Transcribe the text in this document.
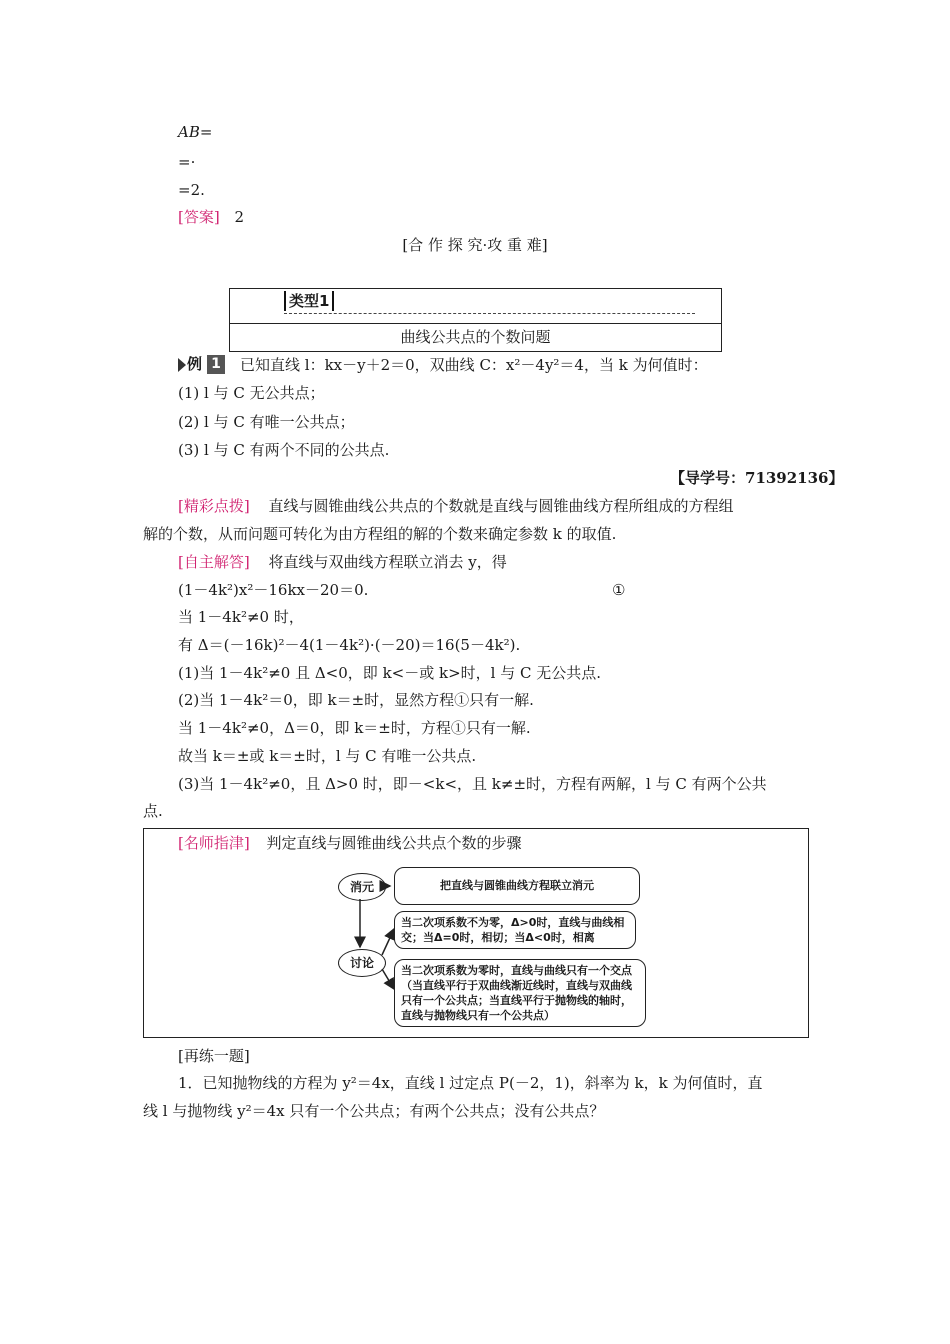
AB=
=·
=2.
[答案] 2
[合 作 探 究·攻 重 难]
类型1
曲线公共点的个数问题
例 1 已知直线 l：kx－y＋2＝0，双曲线 C：x²－4y²＝4，当 k 为何值时：
(1) l 与 C 无公共点；
(2) l 与 C 有唯一公共点；
(3) l 与 C 有两个不同的公共点.
【导学号：71392136】
[精彩点拨] 直线与圆锥曲线公共点的个数就是直线与圆锥曲线方程所组成的方程组
解的个数，从而问题可转化为由方程组的解的个数来确定参数 k 的取值.
[自主解答] 将直线与双曲线方程联立消去 y，得
(1－4k²)x²－16kx－20＝0.	①
当 1－4k²≠0 时，
有 Δ＝(－16k)²－4(1－4k²)·(－20)＝16(5－4k²).
(1)当 1－4k²≠0 且 Δ<0，即 k<－或 k>时，l 与 C 无公共点.
(2)当 1－4k²＝0，即 k＝±时，显然方程①只有一解.
当 1－4k²≠0，Δ＝0，即 k＝±时，方程①只有一解.
故当 k＝±或 k＝±时，l 与 C 有唯一公共点.
(3)当 1－4k²≠0，且 Δ>0 时，即－<k<，且 k≠±时，方程有两解，l 与 C 有两个公共
点.
[名师指津] 判定直线与圆锥曲线公共点个数的步骤
消元
讨论
把直线与圆锥曲线方程联立消元
当二次项系数不为零，Δ>0时，直线与曲线相交；当Δ=0时，相切；当Δ<0时，相离
当二次项系数为零时，直线与曲线只有一个交点（当直线平行于双曲线渐近线时，直线与双曲线只有一个公共点；当直线平行于抛物线的轴时，直线与抛物线只有一个公共点）
[再练一题]
1．已知抛物线的方程为 y²＝4x，直线 l 过定点 P(－2，1)，斜率为 k，k 为何值时，直
线 l 与抛物线 y²＝4x 只有一个公共点；有两个公共点；没有公共点？
